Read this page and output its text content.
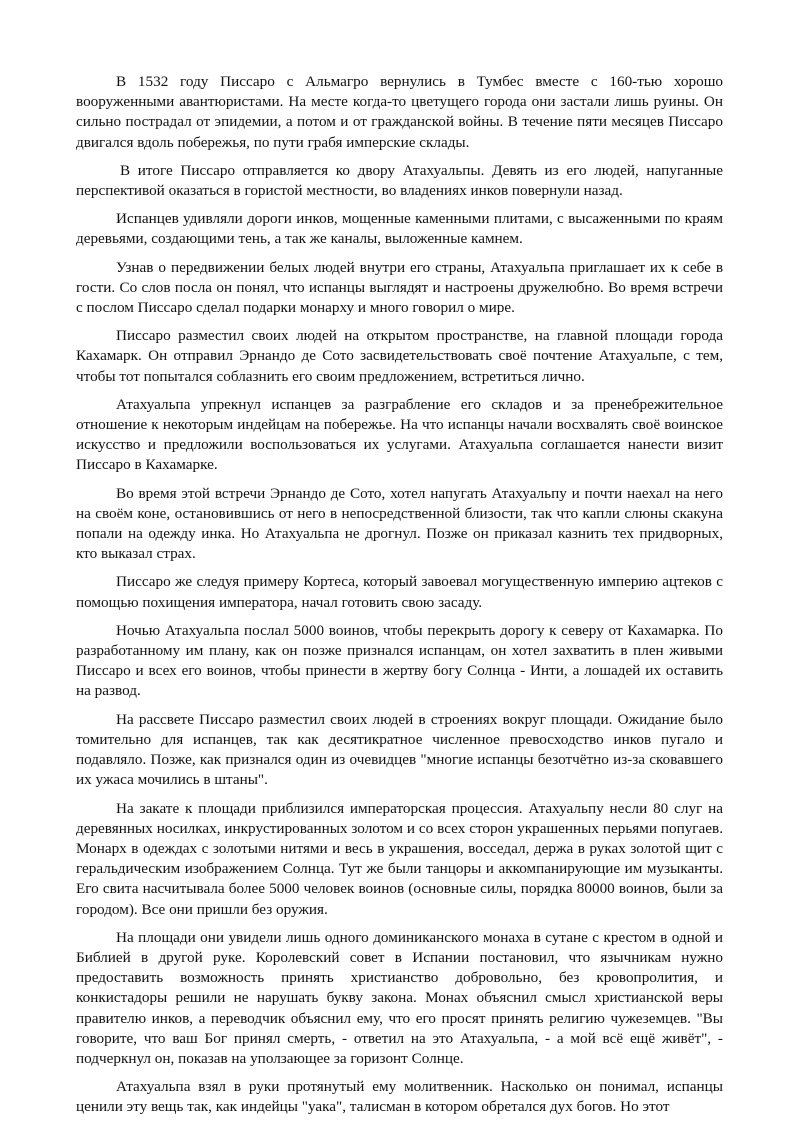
В 1532 году Писсаро с Альмагро вернулись в Тумбес вместе с 160-тью хорошо вооруженными авантюристами. На месте когда-то цветущего города они застали лишь руины. Он сильно пострадал от эпидемии, а потом и от гражданской войны. В течение пяти месяцев Писсаро двигался вдоль побережья, по пути грабя имперские склады.

В итоге Писсаро отправляется ко двору Атахуальпы. Девять из его людей, напуганные перспективой оказаться в гористой местности, во владениях инков повернули назад.

Испанцев удивляли дороги инков, мощенные каменными плитами, с высаженными по краям деревьями, создающими тень, а так же каналы, выложенные камнем.

Узнав о передвижении белых людей внутри его страны, Атахуальпа приглашает их к себе в гости. Со слов посла он понял, что испанцы выглядят и настроены дружелюбно. Во время встречи с послом Писсаро сделал подарки монарху и много говорил о мире.

Писсаро разместил своих людей на открытом пространстве, на главной площади города Кахамарк. Он отправил Эрнандо де Сото засвидетельствовать своё почтение Атахуальпе, с тем, чтобы тот попытался соблазнить его своим предложением, встретиться лично.

Атахуальпа упрекнул испанцев за разграбление его складов и за пренебрежительное отношение к некоторым индейцам на побережье. На что испанцы начали восхвалять своё воинское искусство и предложили воспользоваться их услугами. Атахуальпа соглашается нанести визит Писсаро в Кахамарке.

Во время этой встречи Эрнандо де Сото, хотел напугать Атахуальпу и почти наехал на него на своём коне, остановившись от него в непосредственной близости, так что капли слюны скакуна попали на одежду инка. Но Атахуальпа не дрогнул. Позже он приказал казнить тех придворных, кто выказал страх.

Писсаро же следуя примеру Кортеса, который завоевал могущественную империю ацтеков с помощью похищения императора, начал готовить свою засаду.

Ночью Атахуальпа послал 5000 воинов, чтобы перекрыть дорогу к северу от Кахамарка. По разработанному им плану, как он позже признался испанцам, он хотел захватить в плен живыми Писсаро и всех его воинов, чтобы принести в жертву богу Солнца - Инти, а лошадей их оставить на развод.

На рассвете Писсаро разместил своих людей в строениях вокруг площади. Ожидание было томительно для испанцев, так как десятикратное численное превосходство инков пугало и подавляло. Позже, как признался один из очевидцев "многие испанцы безотчётно из-за сковавшего их ужаса мочились в штаны".

На закате к площади приблизился императорская процессия. Атахуальпу несли 80 слуг на деревянных носилках, инкрустированных золотом и со всех сторон украшенных перьями попугаев. Монарх в одеждах с золотыми нитями и весь в украшения, восседал, держа в руках золотой щит с геральдическим изображением Солнца. Тут же были танцоры и аккомпанирующие им музыканты. Его свита насчитывала более 5000 человек воинов (основные силы, порядка 80000 воинов, были за городом). Все они пришли без оружия.

На площади они увидели лишь одного доминиканского монаха в сутане с крестом в одной и Библией в другой руке. Королевский совет в Испании постановил, что язычникам нужно предоставить возможность принять христианство добровольно, без кровопролития, и конкистадоры решили не нарушать букву закона. Монах объяснил смысл христианской веры правителю инков, а переводчик объяснил ему, что его просят принять религию чужеземцев. "Вы говорите, что ваш Бог принял смерть, - ответил на это Атахуальпа, - а мой всё ещё живёт", - подчеркнул он, показав на уползающее за горизонт Солнце.

Атахуальпа взял в руки протянутый ему молитвенник. Насколько он понимал, испанцы ценили эту вещь так, как индейцы "уака", талисман в котором обретался дух богов. Но этот
